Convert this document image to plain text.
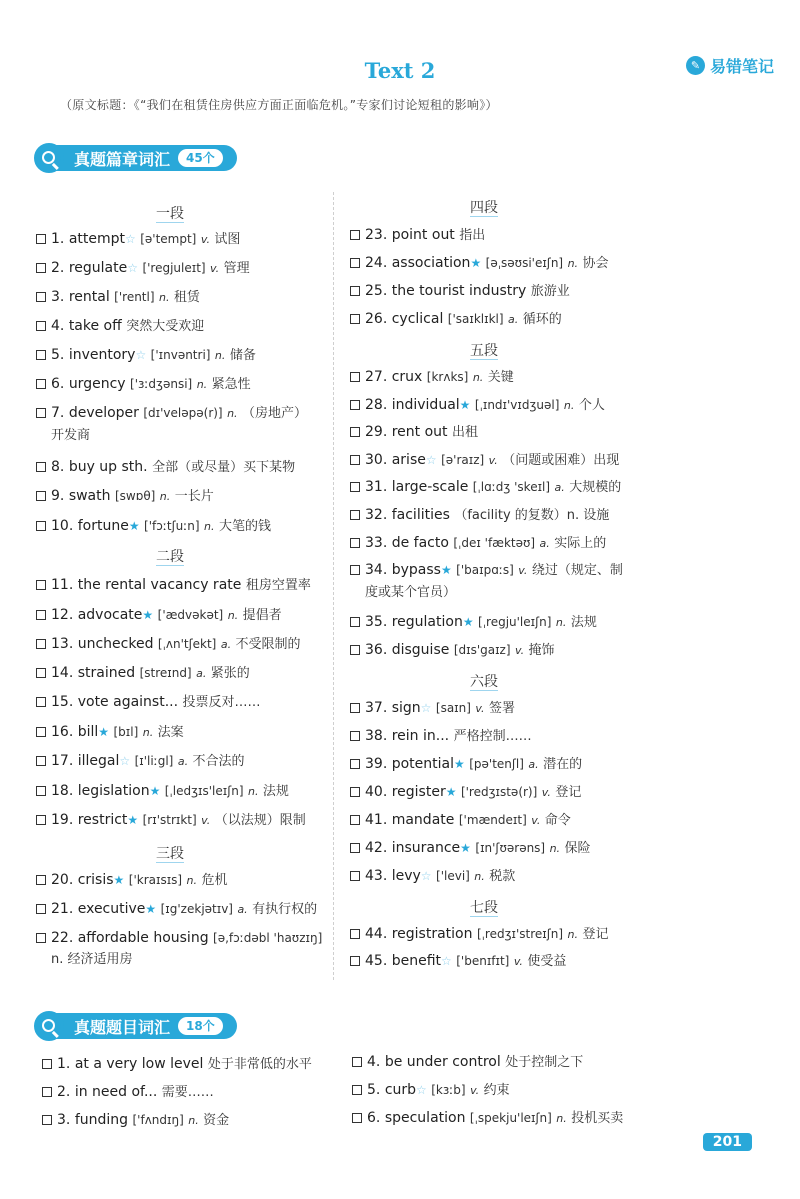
Text 2	✎ 易错笔记
（原文标题：《“我们在租赁住房供应方面正面临危机。”专家们讨论短租的影响》）
真题篇章词汇	45个
一段
1. attempt☆ [ə'tempt] v. 试图
2. regulate☆ ['regjuleɪt] v. 管理
3. rental ['rentl] n. 租赁
4. take off 突然大受欢迎
5. inventory☆ ['ɪnvəntri] n. 储备
6. urgency ['ɜːdʒənsi] n. 紧急性
7. developer [dɪ'veləpə(r)] n. （房地产）
开发商
8. buy up sth. 全部（或尽量）买下某物
9. swath [swɒθ] n. 一长片
10. fortune★ ['fɔːtʃuːn] n. 大笔的钱
二段
11. the rental vacancy rate 租房空置率
12. advocate★ ['ædvəkət] n. 提倡者
13. unchecked [ˌʌn'tʃekt] a. 不受限制的
14. strained [streɪnd] a. 紧张的
15. vote against... 投票反对……
16. bill★ [bɪl] n. 法案
17. illegal☆ [ɪ'liːgl] a. 不合法的
18. legislation★ [ˌledʒɪs'leɪʃn] n. 法规
19. restrict★ [rɪ'strɪkt] v. （以法规）限制
三段
20. crisis★ ['kraɪsɪs] n. 危机
21. executive★ [ɪg'zekjətɪv] a. 有执行权的
22. affordable housing [ə,fɔːdəbl 'haʊzɪŋ]
n. 经济适用房
四段
23. point out 指出
24. association★ [əˌsəʊsi'eɪʃn] n. 协会
25. the tourist industry 旅游业
26. cyclical ['saɪklɪkl] a. 循环的
五段
27. crux [krʌks] n. 关键
28. individual★ [ˌɪndɪ'vɪdʒuəl] n. 个人
29. rent out 出租
30. arise☆ [ə'raɪz] v. （问题或困难）出现
31. large-scale [ˌlɑːdʒ 'skeɪl] a. 大规模的
32. facilities （facility 的复数）n. 设施
33. de facto [ˌdeɪ 'fæktəʊ] a. 实际上的
34. bypass★ ['baɪpɑːs] v. 绕过（规定、制
度或某个官员）
35. regulation★ [ˌregju'leɪʃn] n. 法规
36. disguise [dɪs'gaɪz] v. 掩饰
六段
37. sign☆ [saɪn] v. 签署
38. rein in... 严格控制……
39. potential★ [pə'tenʃl] a. 潜在的
40. register★ ['redʒɪstə(r)] v. 登记
41. mandate ['mændeɪt] v. 命令
42. insurance★ [ɪn'ʃʊərəns] n. 保险
43. levy☆ ['levi] n. 税款
七段
44. registration [ˌredʒɪ'streɪʃn] n. 登记
45. benefit☆ ['benɪfɪt] v. 使受益
真题题目词汇	18个
1. at a very low level 处于非常低的水平
2. in need of... 需要……
3. funding ['fʌndɪŋ] n. 资金
4. be under control 处于控制之下
5. curb☆ [kɜːb] v. 约束
6. speculation [ˌspekju'leɪʃn] n. 投机买卖
201
